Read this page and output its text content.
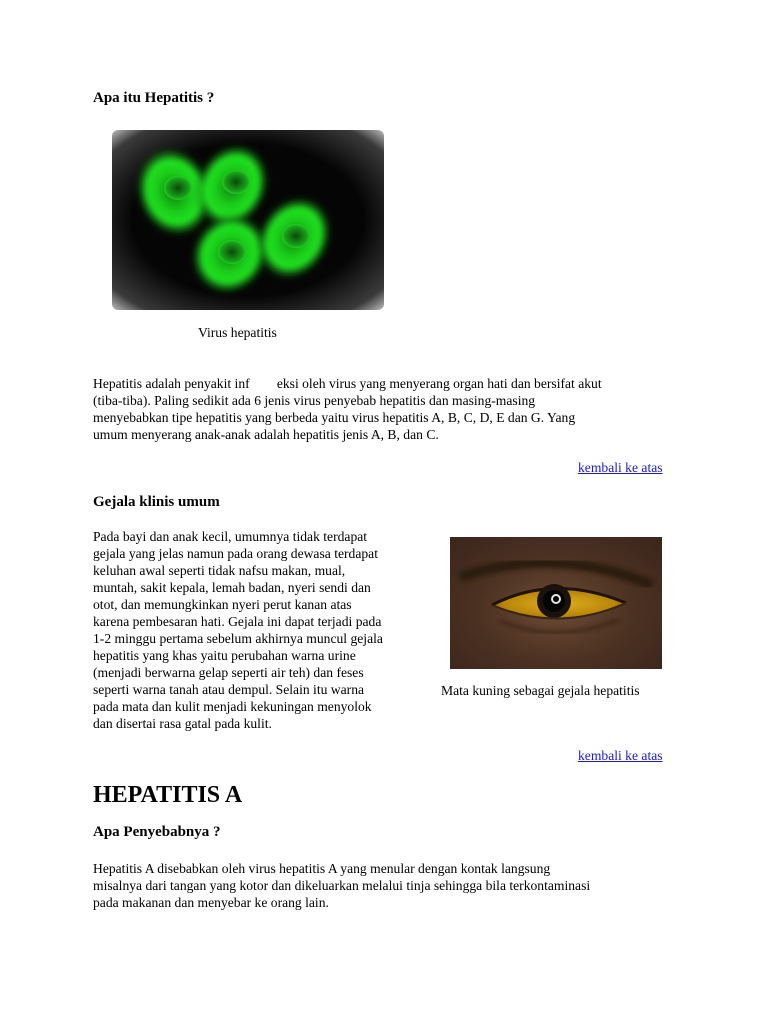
Apa itu Hepatitis ?
Virus hepatitis
Hepatitis adalah penyakit inf        eksi oleh virus yang menyerang organ hati dan bersifat akut
(tiba-tiba). Paling sedikit ada 6 jenis virus penyebab hepatitis dan masing-masing
menyebabkan tipe hepatitis yang berbeda yaitu virus hepatitis A, B, C, D, E dan G. Yang
umum menyerang anak-anak adalah hepatitis jenis A, B, dan C.
kembali ke atas
Gejala klinis umum
Pada bayi dan anak kecil, umumnya tidak terdapat
gejala yang jelas namun pada orang dewasa terdapat
keluhan awal seperti tidak nafsu makan, mual,
muntah, sakit kepala, lemah badan, nyeri sendi dan
otot, dan memungkinkan nyeri perut kanan atas
karena pembesaran hati. Gejala ini dapat terjadi pada
1-2 minggu pertama sebelum akhirnya muncul gejala
hepatitis yang khas yaitu perubahan warna urine
(menjadi berwarna gelap seperti air teh) dan feses
seperti warna tanah atau dempul. Selain itu warna
pada mata dan kulit menjadi kekuningan menyolok
dan disertai rasa gatal pada kulit.
Mata kuning sebagai gejala hepatitis
kembali ke atas
HEPATITIS A
Apa Penyebabnya ?
Hepatitis A disebabkan oleh virus hepatitis A yang menular dengan kontak langsung
misalnya dari tangan yang kotor dan dikeluarkan melalui tinja sehingga bila terkontaminasi
pada makanan dan menyebar ke orang lain.
